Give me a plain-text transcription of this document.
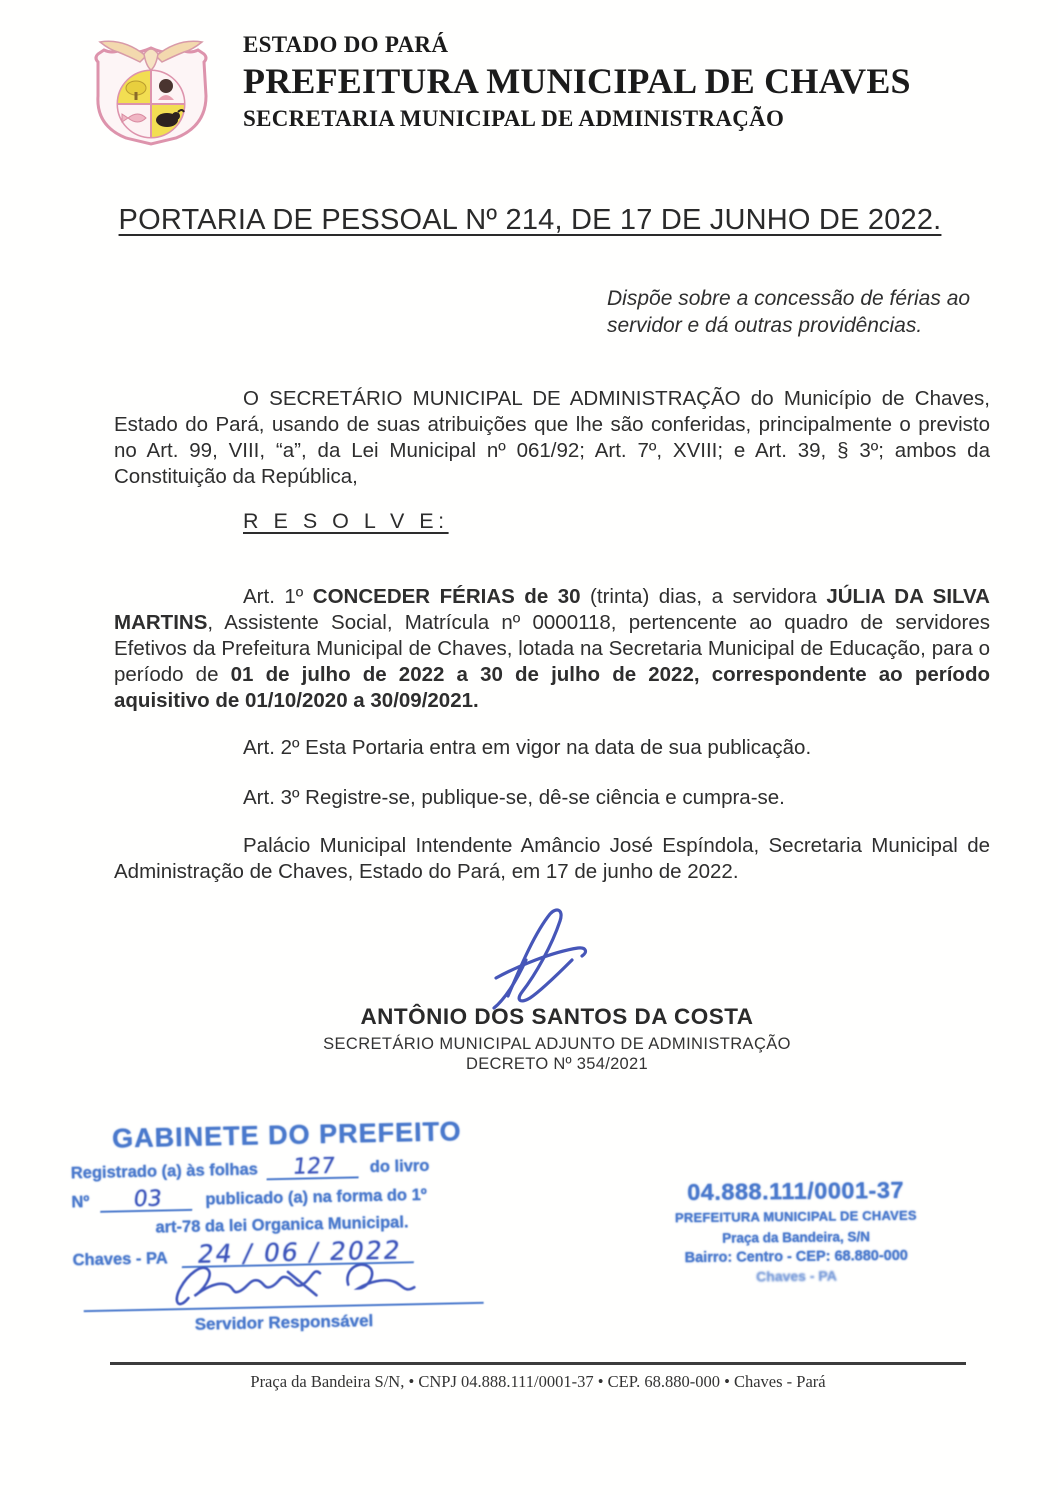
ESTADO DO PARÁ
PREFEITURA MUNICIPAL DE CHAVES
SECRETARIA MUNICIPAL DE ADMINISTRAÇÃO
PORTARIA DE PESSOAL Nº 214, DE 17 DE JUNHO DE 2022.
Dispõe sobre a concessão de férias ao servidor e dá outras providências.

O SECRETÁRIO MUNICIPAL DE ADMINISTRAÇÃO do Município de Chaves, Estado do Pará, usando de suas atribuições que lhe são conferidas, principalmente o previsto no Art. 99, VIII, “a”, da Lei Municipal nº 061/92; Art. 7º, XVIII; e Art. 39, § 3º; ambos da Constituição da República,

R E S O L V E:

Art. 1º CONCEDER FÉRIAS de 30 (trinta) dias, a servidora JÚLIA DA SILVA MARTINS, Assistente Social, Matrícula nº 0000118, pertencente ao quadro de servidores Efetivos da Prefeitura Municipal de Chaves, lotada na Secretaria Municipal de Educação, para o período de 01 de julho de 2022 a 30 de julho de 2022, correspondente ao período aquisitivo de 01/10/2020 a 30/09/2021.

Art. 2º Esta Portaria entra em vigor na data de sua publicação.

Art. 3º Registre-se, publique-se, dê-se ciência e cumpra-se.

Palácio Municipal Intendente Amâncio José Espíndola, Secretaria Municipal de Administração de Chaves, Estado do Pará, em 17 de junho de 2022.

ANTÔNIO DOS SANTOS DA COSTA
SECRETÁRIO MUNICIPAL ADJUNTO DE ADMINISTRAÇÃO
DECRETO Nº 354/2021
GABINETE DO PREFEITO
Registrado (a) às folhas	127	do livro
Nº	03	publicado (a) na forma do 1º
art-78 da lei Organica Municipal.
Chaves - PA	24 / 06 / 2022
Servidor Responsável
04.888.111/0001-37
PREFEITURA MUNICIPAL DE CHAVES
Praça da Bandeira, S/N
Bairro: Centro - CEP: 68.880-000
Chaves - PA
Praça da Bandeira S/N, • CNPJ 04.888.111/0001-37 • CEP. 68.880-000 • Chaves - Pará
